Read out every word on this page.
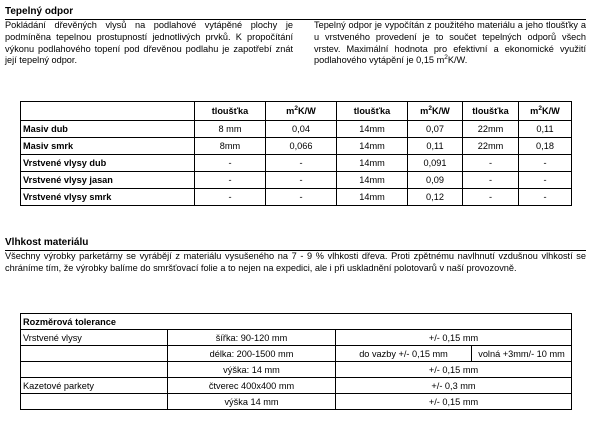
Tepelný odpor

Pokládání dřevěných vlysů na podlahové vytápěné plochy je podmíněna tepelnou prostupností jednotlivých prvků. K propočítání výkonu podlahového topení pod dřevěnou podlahu je zapotřebí znát její tepelný odpor.

Tepelný odpor je vypočítán z použitého materiálu a jeho tloušťky a u vrstveného provedení je to součet tepelných odporů všech vrstev. Maximální hodnota pro efektivní a ekonomické využití podlahového vytápění je 0,15 $m^2K/W$.

	tloušťka	$m^2K/W$	tloušťka	$m^2K/W$	tloušťka	$m^2K/W$
Masiv dub	8 mm	0,04	14mm	0,07	22mm	0,11
Masiv smrk	8mm	0,066	14mm	0,11	22mm	0,18
Vrstvené vlysy dub	-	-	14mm	0,091	-	-
Vrstvené vlysy jasan	-	-	14mm	0,09	-	-
Vrstvené vlysy smrk	-	-	14mm	0,12	-	-
Vlhkost materiálu

Všechny výrobky parketárny se vyrábějí z materiálu vysušeného na 7 - 9 % vlhkosti dřeva. Proti zpětnému navlhnutí vzdušnou vlhkostí se chráníme tím, že výrobky balíme do smršťovací folie a to nejen na expedici, ale i při uskladnění polotovarů v naší provozovně.

Rozměrová tolerance			
Vrstvené vlysy	šířka: 90-120 mm	+/- 0,15 mm	
	délka: 200-1500 mm	do vazby +/- 0,15 mm	volná +3mm/- 10 mm
	výška: 14 mm	+/- 0,15 mm	
Kazetové parkety	čtverec 400x400 mm	+/- 0,3 mm	
	výška 14 mm	+/- 0,15 mm	
